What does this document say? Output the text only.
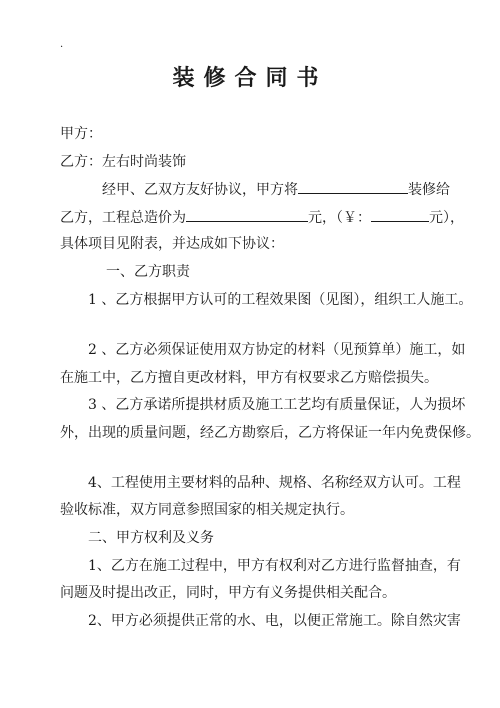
.
装修合同书
甲方：
乙方：左右时尚装饰
经甲、乙双方友好协议，甲方将	装修给
乙方，工程总造价为	元，（￥：	元），
具体项目见附表，并达成如下协议：
一、乙方职责
1 、乙方根据甲方认可的工程效果图（见图），组织工人施工。
2 、乙方必须保证使用双方协定的材料（见预算单）施工，如
在施工中，乙方擅自更改材料，甲方有权要求乙方赔偿损失。
3 、乙方承诺所提拱材质及施工工艺均有质量保证，人为损坏
外，出现的质量问题，经乙方勘察后，乙方将保证一年内免费保修。
4、工程使用主要材料的品种、规格、名称经双方认可。工程
验收标准，双方同意参照国家的相关规定执行。
二、甲方权利及义务
1、乙方在施工过程中，甲方有权利对乙方进行监督抽查，有
问题及时提出改正，同时，甲方有义务提供相关配合。
2、甲方必须提供正常的水、电，以便正常施工。除自然灾害
